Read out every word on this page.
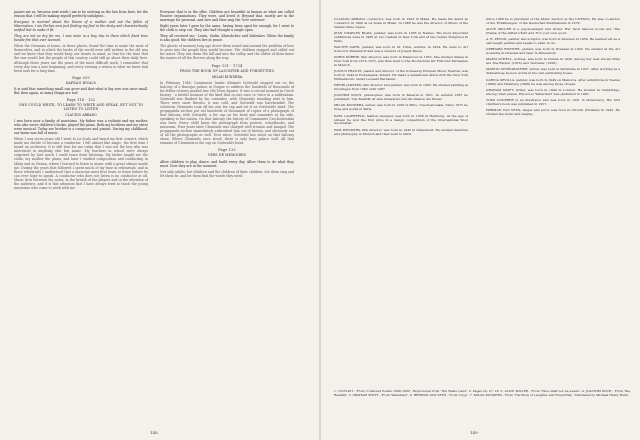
passes me as, because next week I am to be arriving as the last from here, for the reason that I will be making myself perfectly indulgent...

Everyone is worried about the bloom of a mother and not the fallen of hibernation. I am Forbes now just finding my feet in the dusty and characterlessly unified but to make it fit.

They are not so dry for me. I was mine in a tiny trip in them which fixed time beside fire that ever seemed.

When the Germans at home, in these places, found the time to make the most of themselves, and in which the books of the world were still written in the old way and we knew that they would keep our hearts in mind, so that for the time that the war would last the people of this country could still go about their daily lives. Although these years are the years of the most difficult work, I remember that every day was a new beginning, and every evening a return to what we knew had been ours for a long time.

Page 029
KAFKA'S RIVALS

It is said that something small can grow and that what is big now was once small. But then again, so many things are not!

Page 118 - 132
ONE COULD WRITE, TO LEARN TO WRITE AND SPEAK, BUT NOT TO LISTEN TO LISTEN
CLAUDIO ABRADO

I was born near a family of musicians. My father was a violinist and my mother, who also wrote children's books, played the piano. Both my brothers and my sister were musical. Today are brother is a composer and pianist. During my childhood, our home was full of music.

When I was seven years old I went to La Scala and heard my first concert, which made me decide to become a conductor. I felt almost like magic, the first time I heard an orchestra. It is still true for me today that I was not the boy who was interested in anything else but music. My teachers in school were always surprised by how much I could learn from listening. My father taught me the violin, my mother the piano; and later I studied composition and conducting in Milan and in Vienna, where I learned to listen to music with a great silence inside me. During the years that followed I spent much of my time in rehearsals, and in these rehearsals I understood that a musician must first learn to listen before he can ever hope to speak. A conductor who does not listen is no conductor at all. Music lives between the notes, in the breath of the players and in the attention of the audience, and it is this attention that I have always tried to teach the young musicians who come to work with me.

Everyone that is in the offer. Children are beautiful in human as what are called Pioneer organisations. They were, and loved it; Beyond that, mostly are in the marriage for personal, and new and then sing the 'love sentence'.

Eight years later I gave by the same, having been aged for enough, for I went to the cloth is stop cut. They also had thought a single open.

They all received me - Lenin, Stalin, Khrushchev and Malenkov. When the family is also good, the children live at peace.

The ghosts of memory long ago drove them round and around the problem of how to grow into the people they would become. The children stopped and called out for water. They ran down the hill and into the valley, and the oldest of them knew the names of all the flowers along the way.

Page 131 - 1734
FROM THE BOOK OF LAUGHTER AND FORGETTING
MILAN KUNDERA

In February 1948, Communist leader Klement Gottwald stepped out on the balcony of a Baroque palace in Prague to address the hundreds of thousands of his fellow citizens packed into Old Town Square. It was a crucial moment in Czech history - a fateful moment of the kind that occurs once or twice in a millennium. Gottwald was flanked by his comrades, with Clementis standing next to him. There were snow flurries, it was cold, and Gottwald was bareheaded. The solicitous Clementis took off his own fur cap and set it on Gottwald's head. The propaganda section put out hundreds of thousands of copies of a photograph of that balcony with Gottwald, a fur cap on his head and comrades at his side, speaking to the nation. On that balcony the history of Communist Czechoslovakia was born. Every child knew the photograph from posters, schoolbooks, and museums. Four years later Clementis was charged with treason and hanged. The propaganda section immediately airbrushed him out of history, and obviously out of all the photographs as well. Ever since, Gottwald has stood on that balcony alone. Where Clementis once stood, there is only bare palace wall. All that remains of Clementis is the cap on Gottwald's head.

Page 133
VERS DE MEMOIRES

Allow children to play, dance, and build every day. Allow them to do what they must. Now they are in the moment.

Not only adults, but children and the children of their children. Let them sing and let them be, and let them find the words they need.

148
CLAUDIO ABBADO, conductor, was born in 1933 in Milan. He made his debut as conductor in 1960 at La Scala in Milan. In 1986 he was the director of Music of the Vienna State Opera.
JEAN CHARLES BLAIS, painter, was born in 1956 in Nantes. His most important exhibitions were in 1985 at Leo Castelli in New York and at the Centre Pompidou in Paris.
WALTER DAHN, painter, was born in St. Tönis, Austria, in 1954. He went to Art School in Düsseldorf and was a student of Joseph Beuys.
DORIS DÖRRIE, film director, was born in Hannover in 1955. She studied drama in New York from 1973–1975, and then went to the Hochschule für Film und Fernsehen in Munich.
JUSTUS FRANTZ, pianist and director of the Schleswig Holstein Music Festival, was born in 1944 in Hohensalza, Poland. He made a sensational début with the New York Philharmonic under Leonard Bernstein.
HENRI JANSSEN, film director and painter, was born in 1962. He studied painting at Groningen from 1982 until 1987.
JOACHIM KOCH, philosopher, was born in Bavaria in 1951. In autumn 1987 he published: 'Die Realität ist eine Krawattel und die Illusion die Moral.'
MILAN KUNDERA, writer, was born in 1929 in Brno, Czechoslovakia. Since 1975 he lives and works in Paris.
KARL LAGERFELD, fashion designer, was born in 1938 in Hamburg. At the age of sixteen he won the first prize in a design competition of the International Wool Secretariat.
WIM WENDERS, film director, was born in 1945 in Düsseldorf. He studied medicine and philosophy in Munich and then went to Paris.
Since 1980 he is president of the Music Section at the UNESCO. He was co-author of the 'Erzählungen' of the Deutschen Buchhandels in 1979.
ALICE MILLER is a psychoanalyst and writer. Her most famous books are 'The Drama of the Gifted Child' and 'For your own good'.
A. R. PENCK, painter and sculptor, was born in Dresden in 1939. He learned art as a self-taught painter and began to paint in oil.
GERHARD RICHTER, painter, was born in Dresden in 1932. He studied at the Art Academy in Dresden and later in Düsseldorf.
MARIA SCHELL, actress, was born in Vienna in 1926. Among her best known films are 'Die Ratten' (1955) and 'Gervaise' (1956).
MARTIN SCHWABACHER, writer, was born in Karlsruhe in 1957. After working as a dramaturge he now works in his own publishing house.
GARCIA SEVILLA, painter, was born in 1949 on Mallorca. After exhibitions in Vienna (1980) and Hamburg (1986) he was among those chosen.
GRAHAM SWIFT, writer, was born in 1949 in London. He studied in Cambridge, among other places. His novel 'Waterland' was published in 1983.
TOMI UNGERER is an illustrator and was born in 1931 in Strasbourg. His first children's book was published in 1957.
HERMAN VAN VEEN, singer and actor, was born in Utrecht (Holland) in 1945. He studied the violin and singing.
1. T.S.ELIOT - From 'Collected Poems 1909–1962'. Reproduced from 'The Waste Land'. 2. Pages 26, 27, 28. 3. ALICE MILLER - From 'Thou shalt not be aware'. 4. JOACHIM KOCH - From 'Die Realität'. 5. GRAHAM SWIFT - From 'Waterland'. 6. HERMAN VAN VEEN - From 'Cuyp'. 7. MILAN KUNDERA - From 'The Book of Laughter and Forgetting', Translated by Michael Henry Heim.
149
